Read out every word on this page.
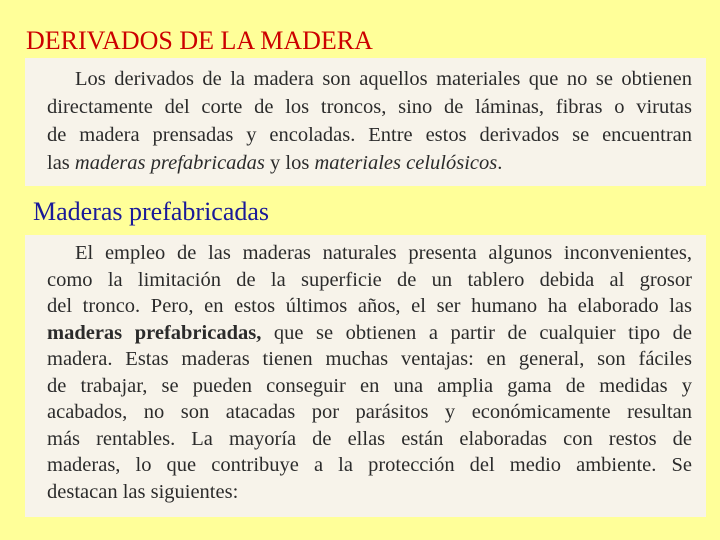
DERIVADOS DE LA MADERA
Los derivados de la madera son aquellos materiales que no se obtienen
directamente del corte de los troncos, sino de láminas, fibras o virutas
de madera prensadas y encoladas. Entre estos derivados se encuentran
las maderas prefabricadas y los materiales celulósicos.
Maderas prefabricadas
El empleo de las maderas naturales presenta algunos inconvenientes,
como la limitación de la superficie de un tablero debida al grosor
del tronco. Pero, en estos últimos años, el ser humano ha elaborado las
maderas prefabricadas, que se obtienen a partir de cualquier tipo de
madera. Estas maderas tienen muchas ventajas: en general, son fáciles
de trabajar, se pueden conseguir en una amplia gama de medidas y
acabados, no son atacadas por parásitos y económicamente resultan
más rentables. La mayoría de ellas están elaboradas con restos de
maderas, lo que contribuye a la protección del medio ambiente. Se
destacan las siguientes:
